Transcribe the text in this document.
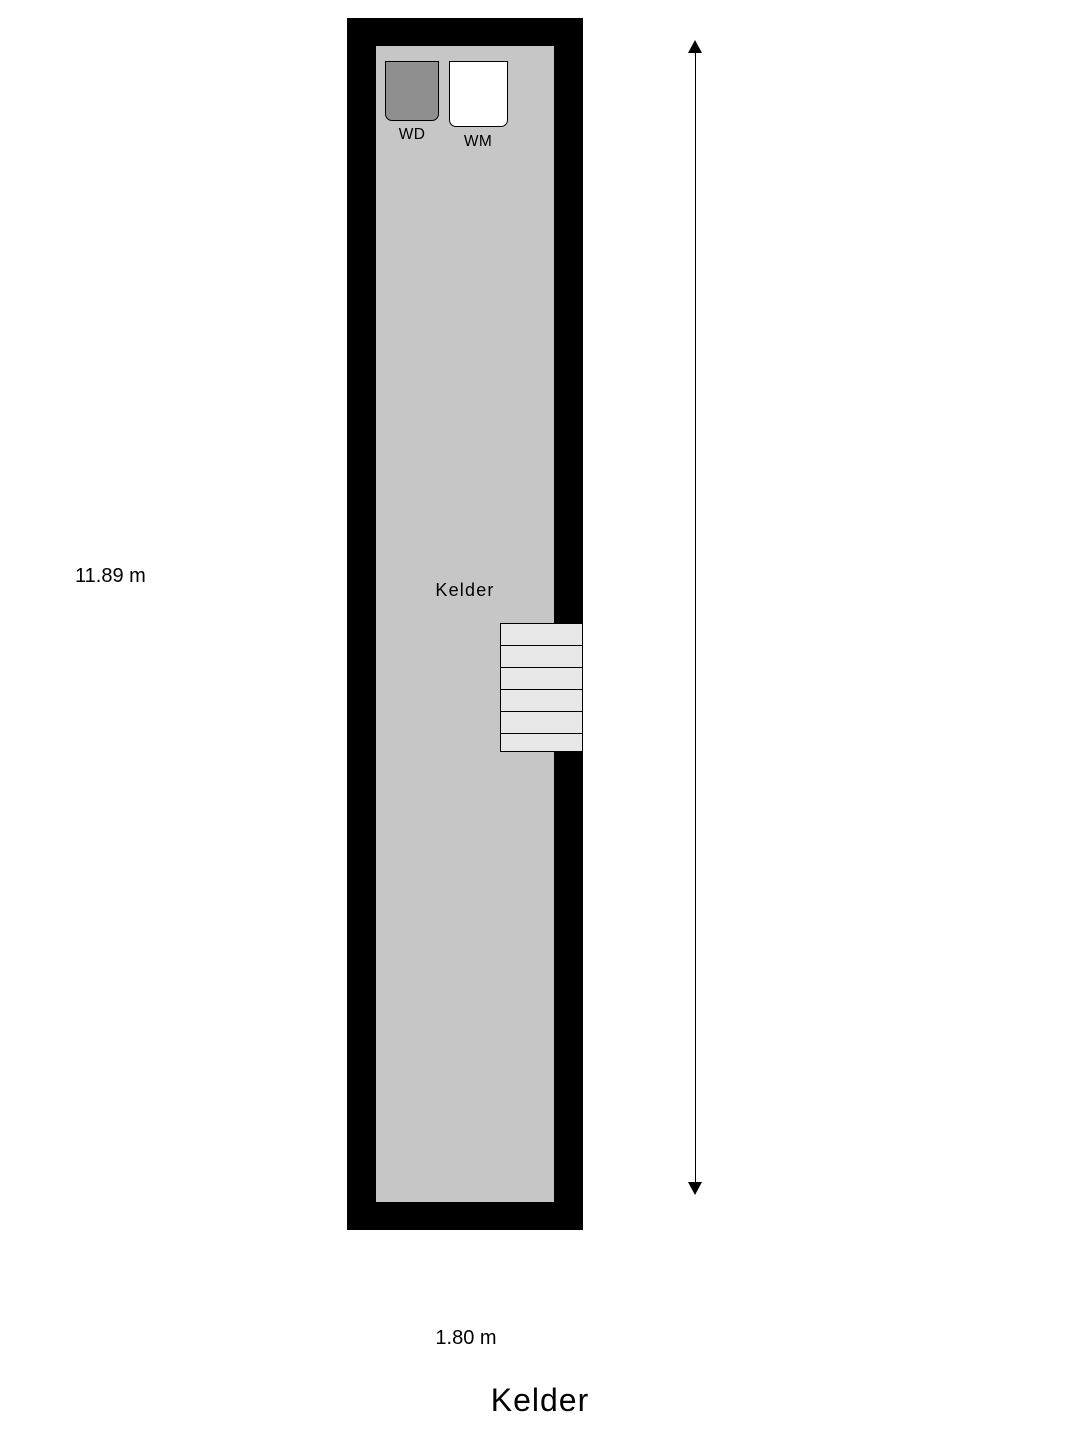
WD	WM
Kelder
11.89 m
1.80 m
Kelder
